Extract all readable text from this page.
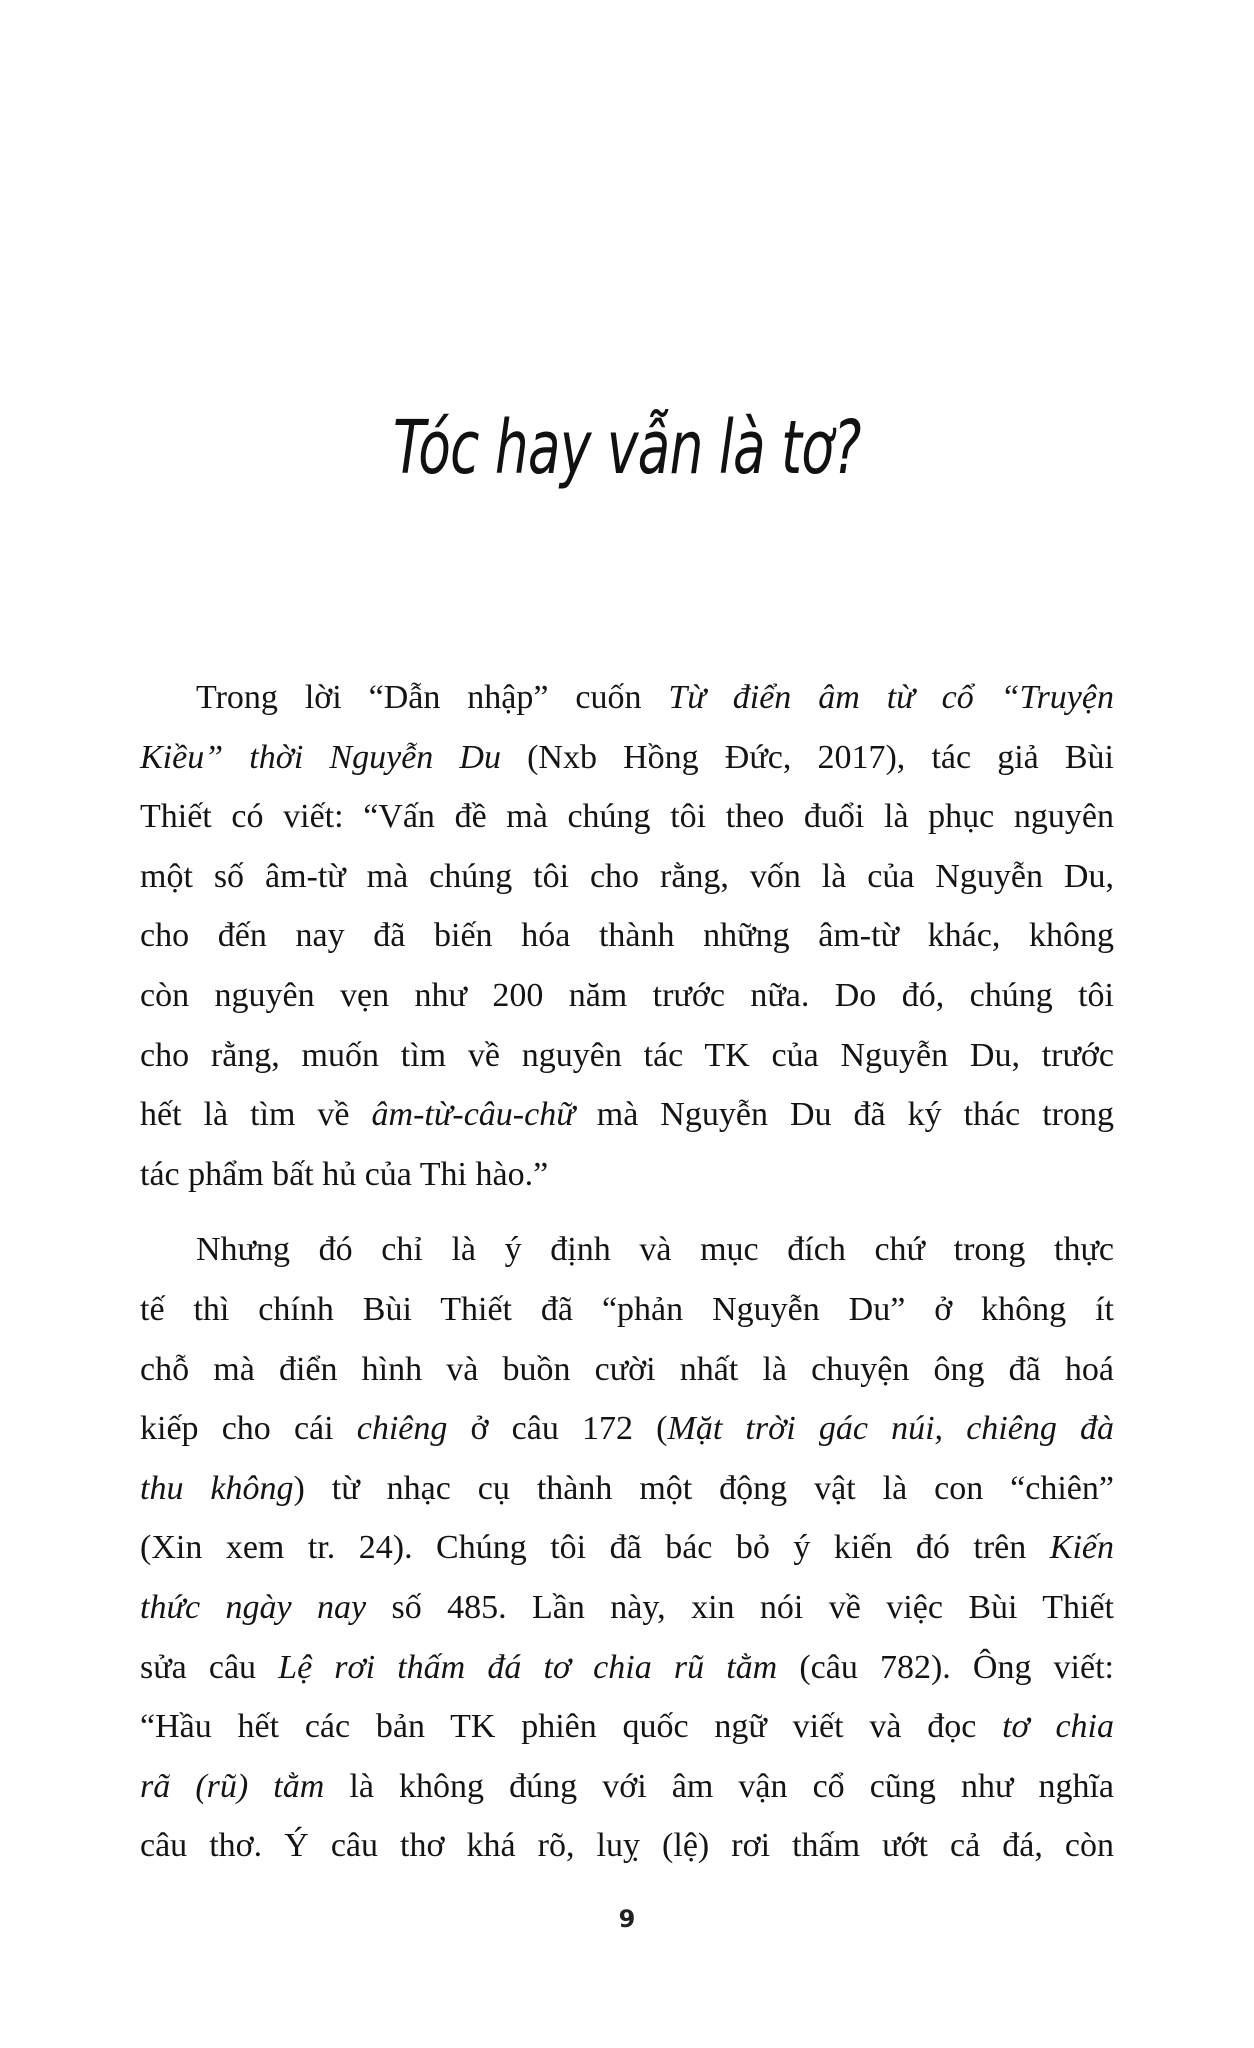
Tóc hay vẫn là tơ?
Trong lời “Dẫn nhập” cuốn Từ điển âm từ cổ “Truyện
Kiều” thời Nguyễn Du (Nxb Hồng Đức, 2017), tác giả Bùi
Thiết có viết: “Vấn đề mà chúng tôi theo đuổi là phục nguyên
một số âm-từ mà chúng tôi cho rằng, vốn là của Nguyễn Du,
cho đến nay đã biến hóa thành những âm-từ khác, không
còn nguyên vẹn như 200 năm trước nữa. Do đó, chúng tôi
cho rằng, muốn tìm về nguyên tác TK của Nguyễn Du, trước
hết là tìm về âm-từ-câu-chữ mà Nguyễn Du đã ký thác trong
tác phẩm bất hủ của Thi hào.”
Nhưng đó chỉ là ý định và mục đích chứ trong thực
tế thì chính Bùi Thiết đã “phản Nguyễn Du” ở không ít
chỗ mà điển hình và buồn cười nhất là chuyện ông đã hoá
kiếp cho cái chiêng ở câu 172 (Mặt trời gác núi, chiêng đà
thu không) từ nhạc cụ thành một động vật là con “chiên”
(Xin xem tr. 24). Chúng tôi đã bác bỏ ý kiến đó trên Kiến
thức ngày nay số 485. Lần này, xin nói về việc Bùi Thiết
sửa câu Lệ rơi thấm đá tơ chia rũ tằm (câu 782). Ông viết:
“Hầu hết các bản TK phiên quốc ngữ viết và đọc tơ chia
rã (rũ) tằm là không đúng với âm vận cổ cũng như nghĩa
câu thơ. Ý câu thơ khá rõ, luỵ (lệ) rơi thấm ướt cả đá, còn
9
